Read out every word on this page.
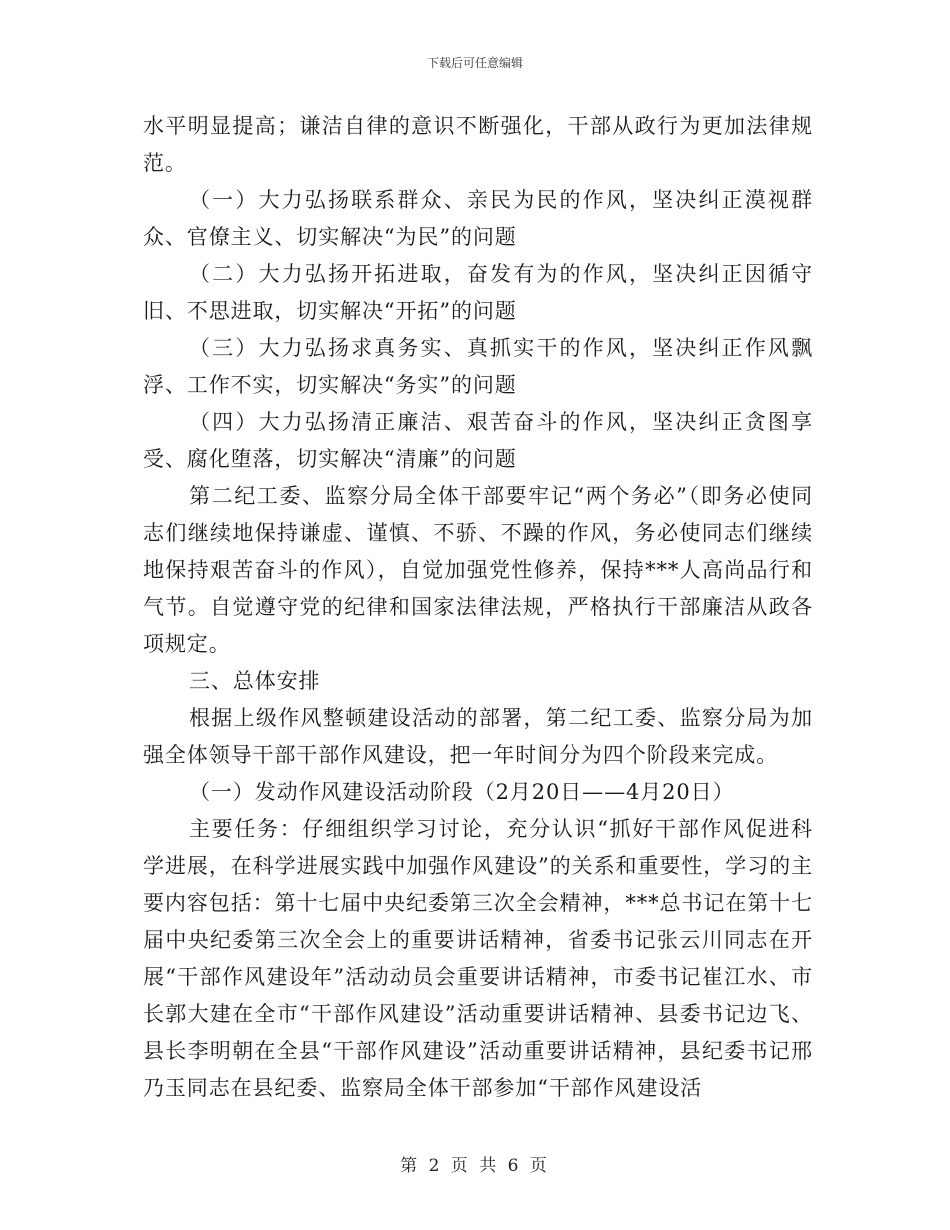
下载后可任意编辑

水平明显提高；谦洁自律的意识不断强化，干部从政行为更加法律规范。

（一）大力弘扬联系群众、亲民为民的作风，坚决纠正漠视群众、官僚主义、切实解决“为民”的问题

（二）大力弘扬开拓进取，奋发有为的作风，坚决纠正因循守旧、不思进取，切实解决“开拓”的问题

（三）大力弘扬求真务实、真抓实干的作风，坚决纠正作风飘浮、工作不实，切实解决“务实”的问题

（四）大力弘扬清正廉洁、艰苦奋斗的作风，坚决纠正贪图享受、腐化堕落，切实解决“清廉”的问题

第二纪工委、监察分局全体干部要牢记“两个务必”（即务必使同志们继续地保持谦虚、谨慎、不骄、不躁的作风，务必使同志们继续地保持艰苦奋斗的作风），自觉加强党性修养，保持***人高尚品行和气节。自觉遵守党的纪律和国家法律法规，严格执行干部廉洁从政各项规定。

三、总体安排

根据上级作风整顿建设活动的部署，第二纪工委、监察分局为加强全体领导干部干部作风建设，把一年时间分为四个阶段来完成。

（一）发动作风建设活动阶段（2月20日——4月20日）

主要任务：仔细组织学习讨论，充分认识“抓好干部作风促进科学进展，在科学进展实践中加强作风建设”的关系和重要性，学习的主要内容包括：第十七届中央纪委第三次全会精神，***总书记在第十七届中央纪委第三次全会上的重要讲话精神，省委书记张云川同志在开展“干部作风建设年”活动动员会重要讲话精神，市委书记崔江水、市长郭大建在全市“干部作风建设”活动重要讲话精神、县委书记边飞、县长李明朝在全县“干部作风建设”活动重要讲话精神，县纪委书记邢乃玉同志在县纪委、监察局全体干部参加“干部作风建设活

第 2 页 共 6 页
